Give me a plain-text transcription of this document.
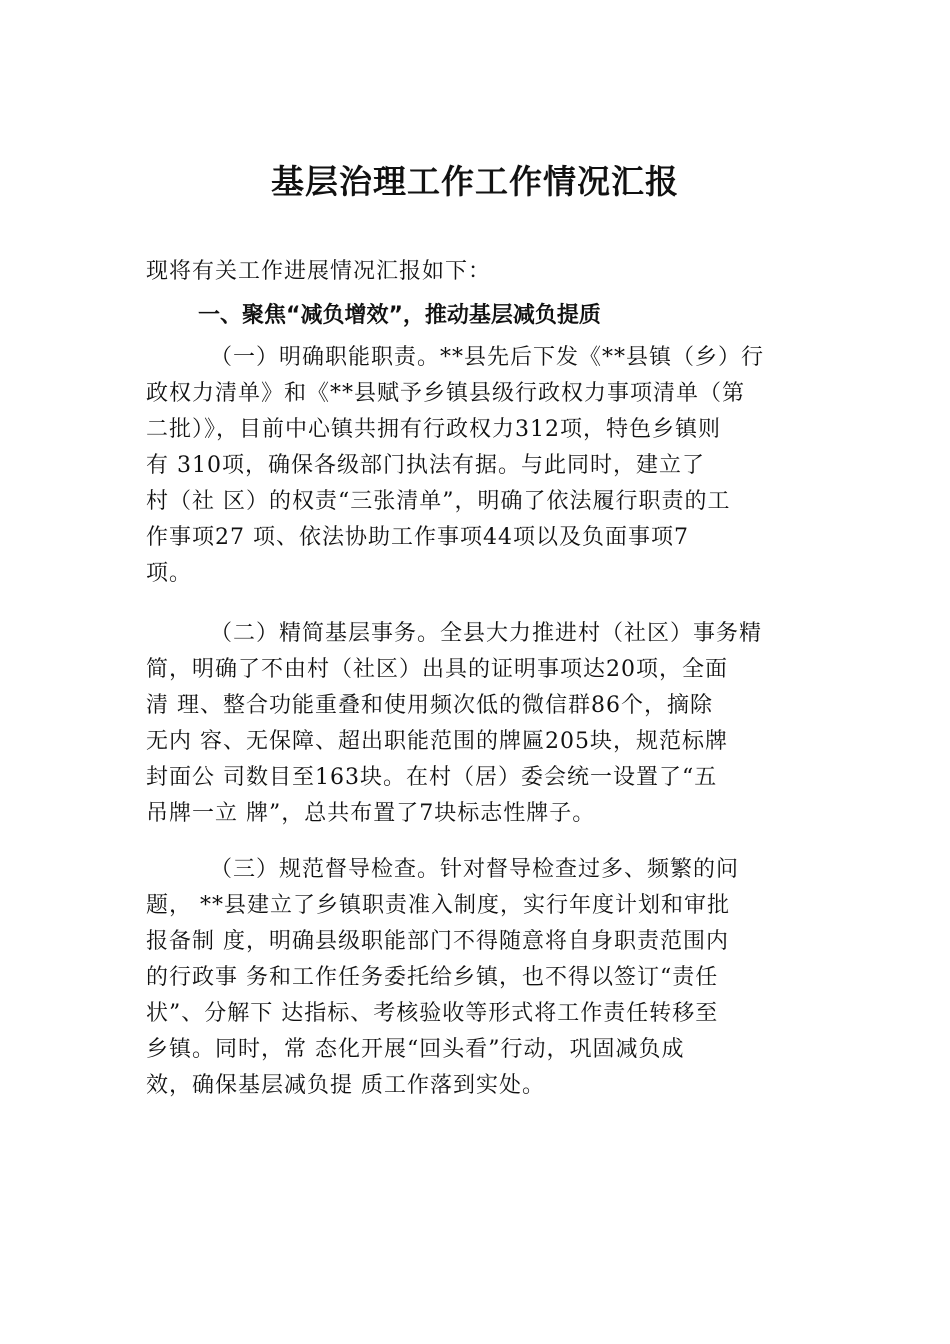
基层治理工作工作情况汇报
现将有关工作进展情况汇报如下：
一、聚焦“减负增效”，推动基层减负提质
（一）明确职能职责。**县先后下发《**县镇（乡）行
政权力清单》和《**县赋予乡镇县级行政权力事项清单（第
二批）》，目前中心镇共拥有行政权力312项，特色乡镇则
有 310项，确保各级部门执法有据。与此同时，建立了
村（社 区）的权责“三张清单”，明确了依法履行职责的工
作事项27 项、依法协助工作事项44项以及负面事项7
项。
（二）精简基层事务。全县大力推进村（社区）事务精
简，明确了不由村（社区）出具的证明事项达20项，全面
清 理、整合功能重叠和使用频次低的微信群86个，摘除
无内 容、无保障、超出职能范围的牌匾205块，规范标牌
封面公 司数目至163块。在村（居）委会统一设置了“五
吊牌一立 牌”，总共布置了7块标志性牌子。
（三）规范督导检查。针对督导检查过多、频繁的问
题， **县建立了乡镇职责准入制度，实行年度计划和审批
报备制 度，明确县级职能部门不得随意将自身职责范围内
的行政事 务和工作任务委托给乡镇，也不得以签订“责任
状”、分解下 达指标、考核验收等形式将工作责任转移至
乡镇。同时，常 态化开展“回头看”行动，巩固减负成
效，确保基层减负提 质工作落到实处。
